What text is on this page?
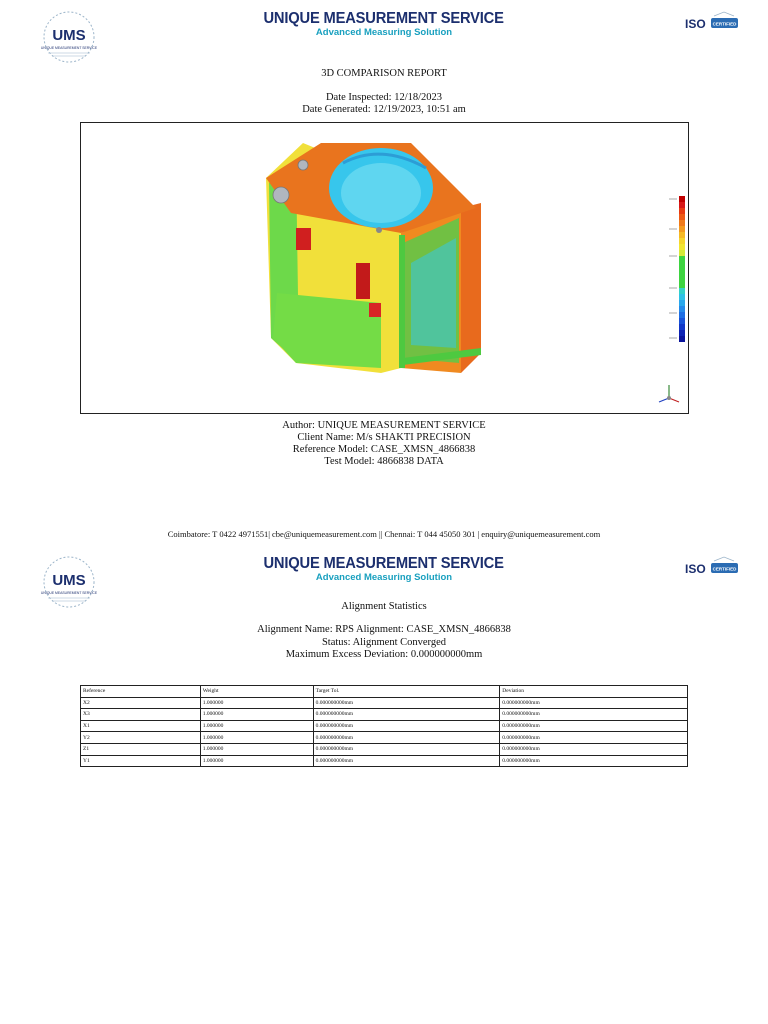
UMS
UNIQUE MEASUREMENT SERVICE
UNIQUE MEASUREMENT SERVICE
Advanced Measuring Solution
ISO CERTIFIED
3D COMPARISON REPORT
Date Inspected: 12/18/2023
Date Generated: 12/19/2023, 10:51 am
Author: UNIQUE MEASUREMENT SERVICE
Client Name: M/s SHAKTI PRECISION
Reference Model: CASE_XMSN_4866838
Test Model: 4866838 DATA
Coimbatore: T 0422 4971551| cbe@uniquemeasurement.com || Chennai: T 044 45050 301 | enquiry@uniquemeasurement.com
UMS
UNIQUE MEASUREMENT SERVICE
UNIQUE MEASUREMENT SERVICE
Advanced Measuring Solution
ISO CERTIFIED
Alignment Statistics
Alignment Name: RPS Alignment: CASE_XMSN_4866838
Status: Alignment Converged
Maximum Excess Deviation: 0.000000000mm
Reference	Weight	Target Tol.	Deviation
X2	1.000000	0.000000000mm	0.000000000mm
X3	1.000000	0.000000000mm	0.000000000mm
X1	1.000000	0.000000000mm	0.000000000mm
Y2	1.000000	0.000000000mm	0.000000000mm
Z1	1.000000	0.000000000mm	0.000000000mm
Y1	1.000000	0.000000000mm	0.000000000mm
